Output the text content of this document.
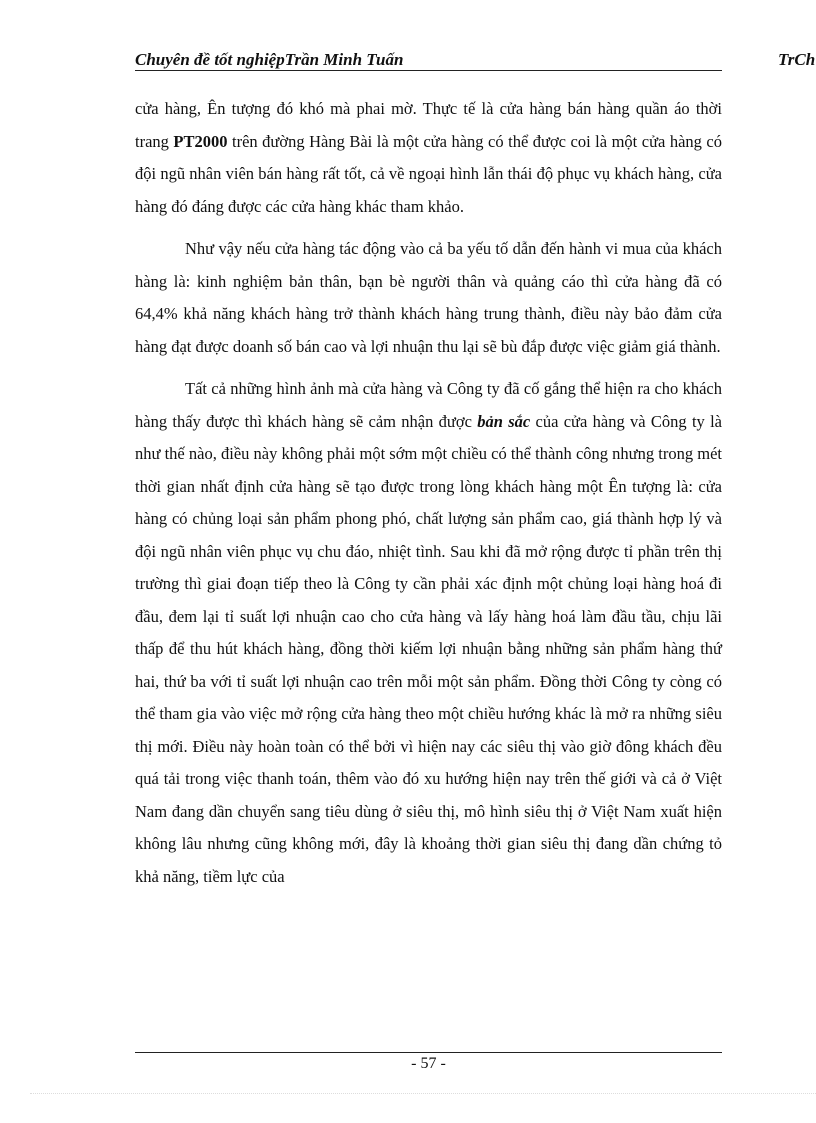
Chuyên đề tốt nghiệpTrần Minh Tuấn	TrCh

cửa hàng, Ên tượng đó khó mà phai mờ. Thực tế là cửa hàng bán hàng quần áo thời trang PT2000 trên đường Hàng Bài là một cửa hàng có thể được coi là một cửa hàng có đội ngũ nhân viên bán hàng rất tốt, cả về ngoại hình lẫn thái độ phục vụ khách hàng, cửa hàng đó đáng được các cửa hàng khác tham khảo.

Như vậy nếu cửa hàng tác động vào cả ba yếu tố dẫn đến hành vi mua của khách hàng là: kinh nghiệm bản thân, bạn bè người thân và quảng cáo thì cửa hàng đã có 64,4% khả năng khách hàng trở thành khách hàng trung thành, điều này bảo đảm cửa hàng đạt được doanh số bán cao và lợi nhuận thu lại sẽ bù đắp được việc giảm giá thành.

Tất cả những hình ảnh mà cửa hàng và Công ty đã cố gắng thể hiện ra cho khách hàng thấy được thì khách hàng sẽ cảm nhận được bản sắc của cửa hàng và Công ty là như thế nào, điều này không phải một sớm một chiều có thể thành công nhưng trong mét thời gian nhất định cửa hàng sẽ tạo được trong lòng khách hàng một Ên tượng là: cửa hàng có chủng loại sản phẩm phong phó, chất lượng sản phẩm cao, giá thành hợp lý và đội ngũ nhân viên phục vụ chu đáo, nhiệt tình. Sau khi đã mở rộng được tỉ phần trên thị trường thì giai đoạn tiếp theo là Công ty cần phải xác định một chủng loại hàng hoá đi đầu, đem lại tỉ suất lợi nhuận cao cho cửa hàng và lấy hàng hoá làm đầu tầu, chịu lãi thấp để thu hút khách hàng, đồng thời kiếm lợi nhuận bằng những sản phẩm hàng thứ hai, thứ ba với tỉ suất lợi nhuận cao trên mỗi một sản phẩm. Đồng thời Công ty còng có thể tham gia vào việc mở rộng cửa hàng theo một chiều hướng khác là mở ra những siêu thị mới. Điều này hoàn toàn có thể bởi vì hiện nay các siêu thị vào giờ đông khách đều quá tải trong việc thanh toán, thêm vào đó xu hướng hiện nay trên thế giới và cả ở Việt Nam đang dần chuyển sang tiêu dùng ở siêu thị, mô hình siêu thị ở Việt Nam xuất hiện không lâu nhưng cũng không mới, đây là khoảng thời gian siêu thị đang dần chứng tỏ khả năng, tiềm lực của

- 57 -
